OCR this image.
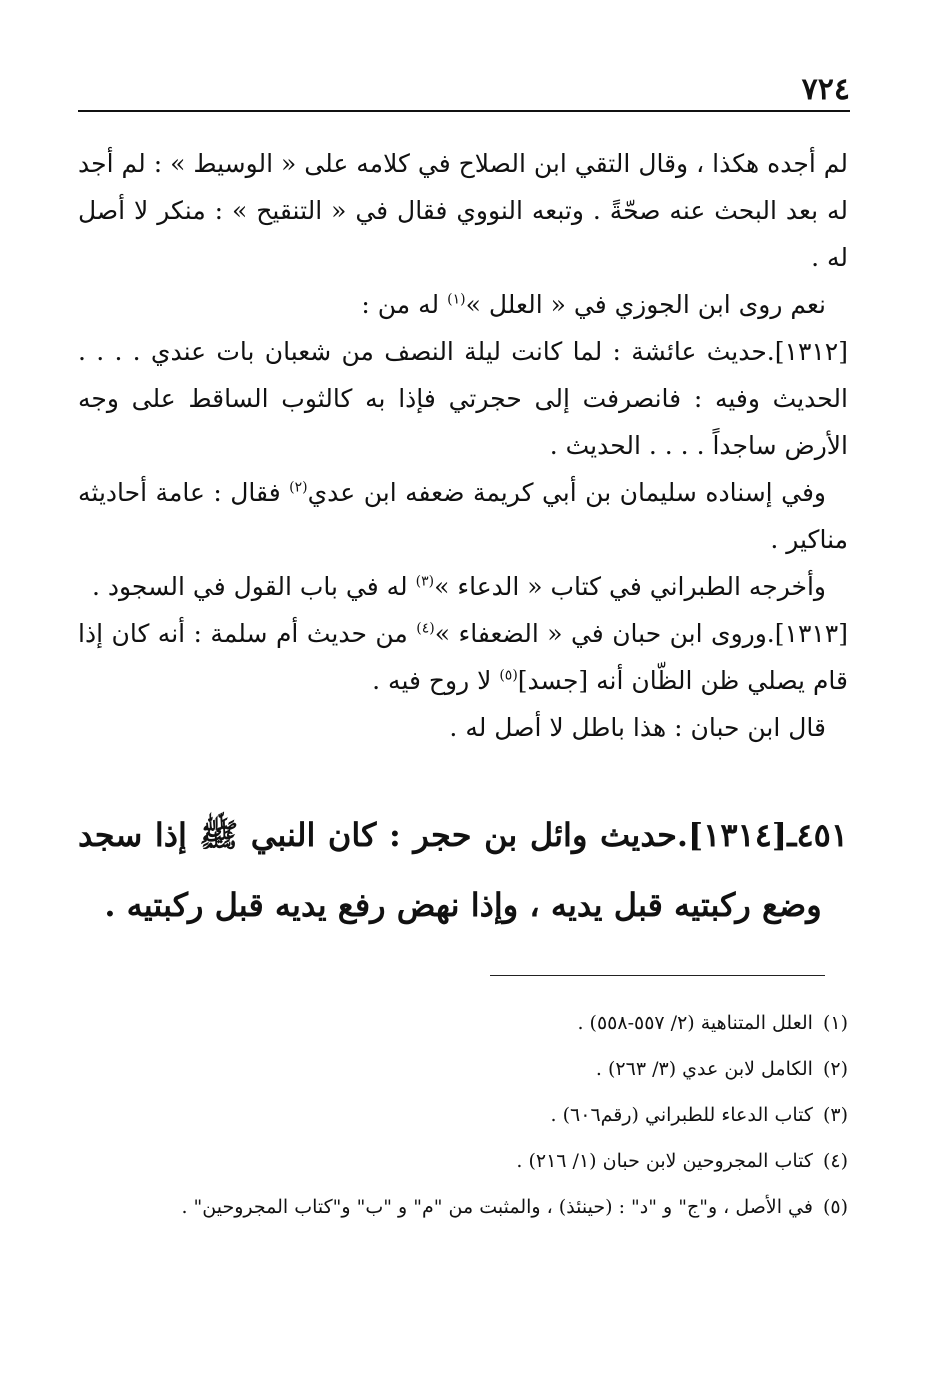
٧٢٤

لم أجده هكذا ، وقال التقي ابن الصلاح في كلامه على « الوسيط » : لم أجد له بعد البحث عنه صحّةً . وتبعه النووي فقال في « التنقيح » : منكر لا أصل له .

نعم روى ابن الجوزي في « العلل »$^{(١)}$ له من :

[١٣١٢].حديث عائشة : لما كانت ليلة النصف من شعبان بات عندي . . . . الحديث وفيه : فانصرفت إلى حجرتي فإذا به كالثوب الساقط على وجه الأرض ساجداً . . . . الحديث .

وفي إسناده سليمان بن أبي كريمة ضعفه ابن عدي$^{(٢)}$ فقال : عامة أحاديثه مناكير .

وأخرجه الطبراني في كتاب « الدعاء »$^{(٣)}$ له في باب القول في السجود .

[١٣١٣].وروى ابن حبان في « الضعفاء »$^{(٤)}$ من حديث أم سلمة : أنه كان إذا قام يصلي ظن الظّان أنه [جسد]$^{(٥)}$ لا روح فيه .

قال ابن حبان : هذا باطل لا أصل له .

٤٥١ـ[١٣١٤].حديث وائل بن حجر : كان النبي ﷺ إذا سجد وضع ركبتيه قبل يديه ، وإذا نهض رفع يديه قبل ركبتيه .
(١)العلل المتناهية (٢/ ٥٥٧-٥٥٨) .
(٢)الكامل لابن عدي (٣/ ٢٦٣) .
(٣)كتاب الدعاء للطبراني (رقم٦٠٦) .
(٤)كتاب المجروحين لابن حبان (١/ ٢١٦) .
(٥)في الأصل ، و"ج" و "د" : (حينئذ) ، والمثبت من "م" و "ب" و"كتاب المجروحين" .
